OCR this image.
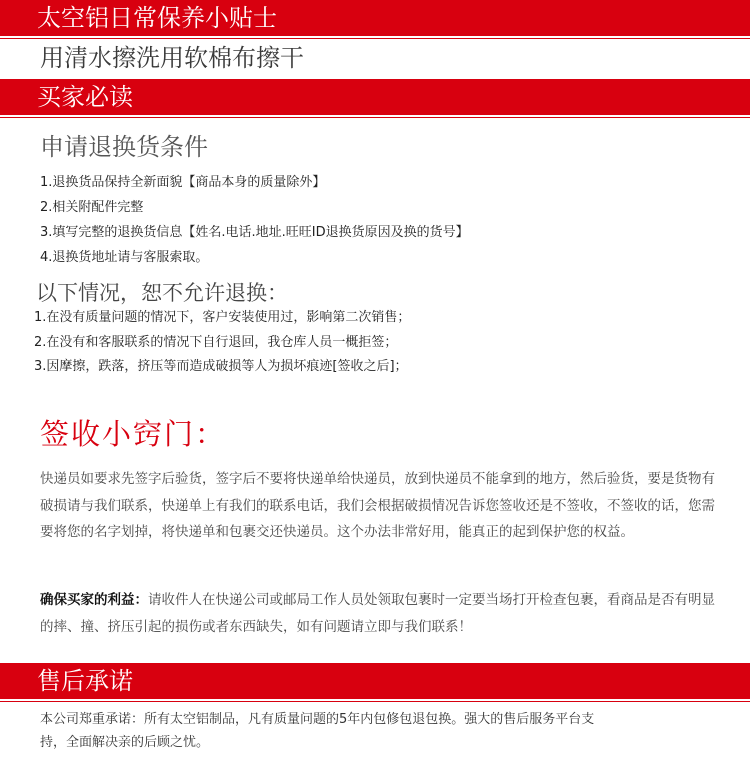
太空铝日常保养小贴士
用清水擦洗用软棉布擦干
买家必读
申请退换货条件
1.退换货品保持全新面貌【商品本身的质量除外】
2.相关附配件完整
3.填写完整的退换货信息【姓名.电话.地址.旺旺ID退换货原因及换的货号】
4.退换货地址请与客服索取。
以下情况，恕不允许退换：
1.在没有质量问题的情况下，客户安装使用过，影响第二次销售；
2.在没有和客服联系的情况下自行退回，我仓库人员一概拒签；
3.因摩擦，跌落，挤压等而造成破损等人为损坏痕迹[签收之后]；
签收小窍门：

快递员如要求先签字后验货，签字后不要将快递单给快递员，放到快递员不能拿到的地方，然后验货，要是货物有破损请与我们联系，快递单上有我们的联系电话，我们会根据破损情况告诉您签收还是不签收，不签收的话，您需要将您的名字划掉，将快递单和包裹交还快递员。这个办法非常好用，能真正的起到保护您的权益。

确保买家的利益：请收件人在快递公司或邮局工作人员处领取包裹时一定要当场打开检查包裹，看商品是否有明显的摔、撞、挤压引起的损伤或者东西缺失，如有问题请立即与我们联系！

售后承诺

本公司郑重承诺：所有太空铝制品，凡有质量问题的5年内包修包退包换。强大的售后服务平台支持，全面解决亲的后顾之忧。
